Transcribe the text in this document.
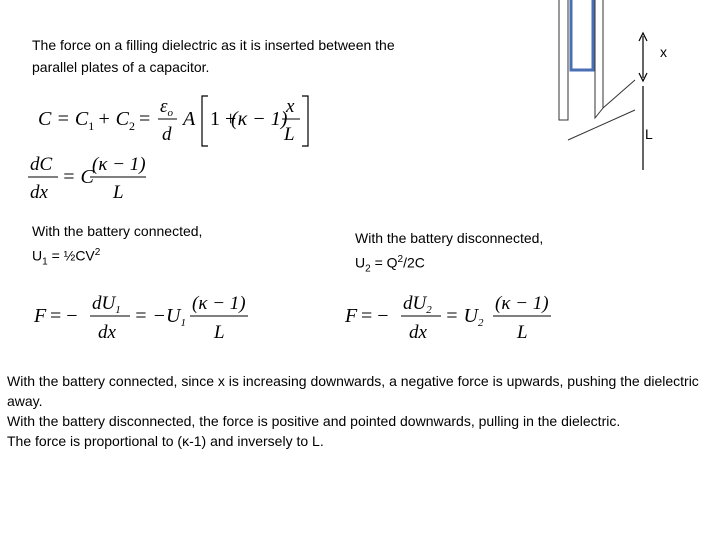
The force on a filling dielectric as it is inserted between the
parallel plates of a capacitor.
x
L
$C = C_1 + C_2$ =
$\varepsilon_o$
d
A 1 +
(κ − 1)
x
L
dC
dx
= C
(κ − 1)
L
With the battery connected,
$U_1$ = $\frac{1}{2}CV^2$
With the battery disconnected,
$U_2 = Q^2/2C$
F = −
$dU_1$
dx
= $-U_1$
(κ − 1)
L
F = −
$dU_2$
dx
= $U_2$
(κ − 1)
L

With the battery connected, since x is increasing downwards, a negative force is upwards, pushing the dielectric away.

With the battery disconnected, the force is positive and pointed downwards, pulling in the dielectric.

The force is proportional to (κ-1) and inversely to L.
